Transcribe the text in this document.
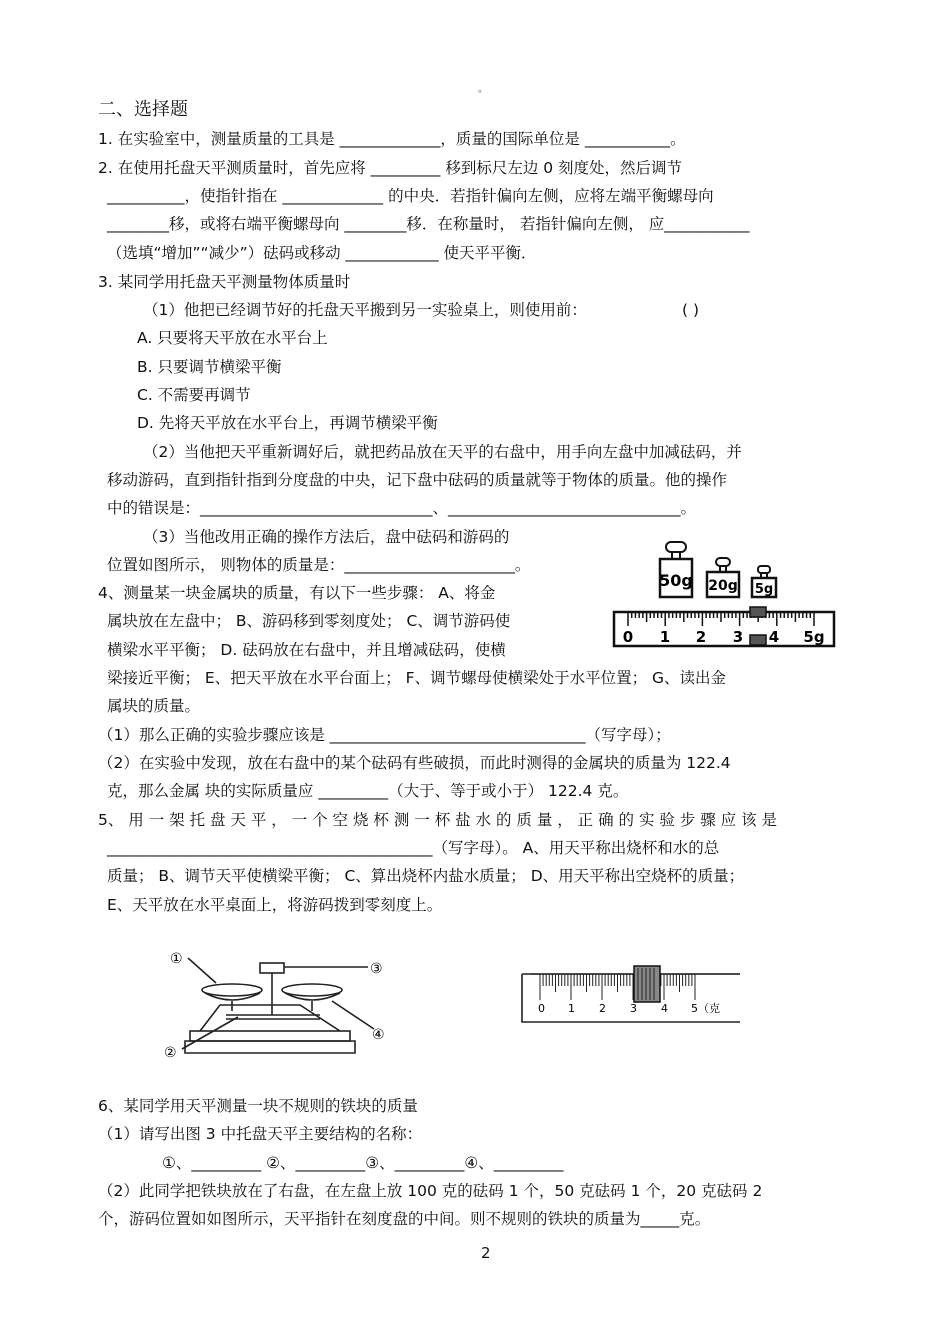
。
二、选择题
1. 在实验室中，测量质量的工具是 _____________，质量的国际单位是 ___________。
2. 在使用托盘天平测质量时，首先应将 _________ 移到标尺左边 0 刻度处，然后调节
__________，使指针指在 _____________ 的中央．若指针偏向左侧，应将左端平衡螺母向
________移，或将右端平衡螺母向 ________移．在称量时， 若指针偏向左侧， 应___________
（选填“增加”“减少”）砝码或移动 ____________ 使天平平衡．
3. 某同学用托盘天平测量物体质量时
（1）他把已经调节好的托盘天平搬到另一实验桌上，则使用前：	( )
A. 只要将天平放在水平台上
B. 只要调节横梁平衡
C. 不需要再调节
D. 先将天平放在水平台上，再调节横梁平衡
（2）当他把天平重新调好后，就把药品放在天平的右盘中，用手向左盘中加减砝码，并
移动游码，直到指针指到分度盘的中央，记下盘中砝码的质量就等于物体的质量。他的操作
中的错误是：______________________________、______________________________。
（3）当他改用正确的操作方法后，盘中砝码和游码的
位置如图所示， 则物体的质量是：______________________。
4、测量某一块金属块的质量，有以下一些步骤： A、将金
属块放在左盘中； B、游码移到零刻度处； C、调节游码使
横梁水平平衡； D. 砝码放在右盘中，并且增减砝码，使横
梁接近平衡； E、把天平放在水平台面上； F、调节螺母使横梁处于水平位置； G、读出金
属块的质量。
（1）那么正确的实验步骤应该是 _________________________________（写字母）；
（2）在实验中发现，放在右盘中的某个砝码有些破损，而此时测得的金属块的质量为 122.4
克，那么金属 块的实际质量应 _________（大于、等于或小于） 122.4 克。
5、 用 一 架 托 盘 天 平 ， 一 个 空 烧 杯 测 一 杯 盐 水 的 质 量 ， 正 确 的 实 验 步 骤 应 该 是
__________________________________________（写字母）。 A、用天平称出烧杯和水的总
质量； B、调节天平使横梁平衡； C、算出烧杯内盐水质量； D、用天平称出空烧杯的质量；
E、天平放在水平桌面上，将游码拨到零刻度上。
6、某同学用天平测量一块不规则的铁块的质量
（1）请写出图 3 中托盘天平主要结构的名称：
①、_________ ②、_________③、_________④、_________
（2）此同学把铁块放在了右盘，在左盘上放 100 克的砝码 1 个，50 克砝码 1 个，20 克砝码 2
个，游码位置如如图所示，天平指针在刻度盘的中间。则不规则的铁块的质量为_____克。
2
50g 20g 5g
0 1 2 3 4 5g
①
②
③
④
0 1 2 3 4 5（克
